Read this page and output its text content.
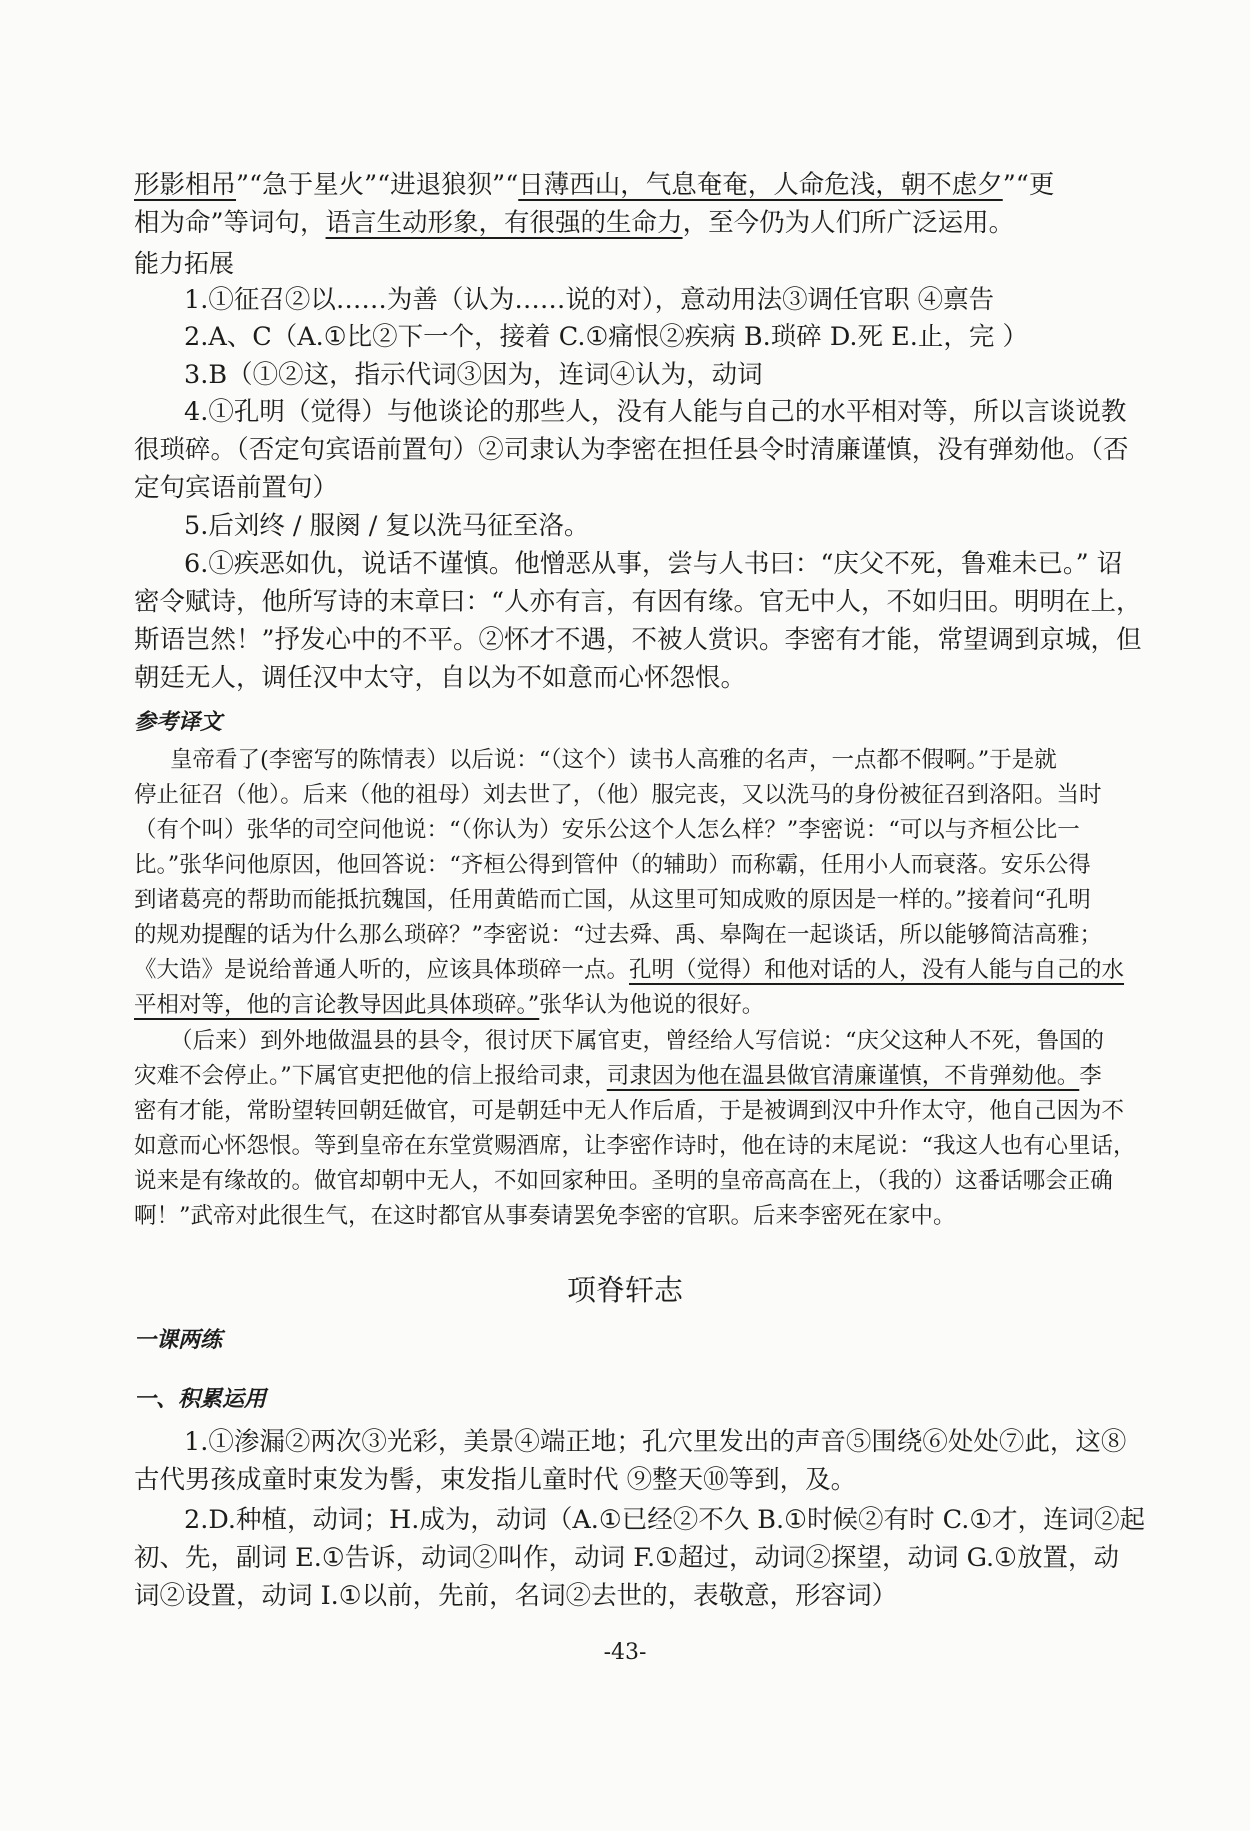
形影相吊”“急于星火”“进退狼狈”“日薄西山，气息奄奄，人命危浅，朝不虑夕”“更
相为命”等词句，语言生动形象，有很强的生命力，至今仍为人们所广泛运用。
能力拓展
1.①征召②以……为善（认为……说的对），意动用法③调任官职 ④禀告
2.A、C（A.①比②下一个，接着 C.①痛恨②疾病 B.琐碎 D.死 E.止，完 ）
3.B（①②这，指示代词③因为，连词④认为，动词
4.①孔明（觉得）与他谈论的那些人，没有人能与自己的水平相对等，所以言谈说教
很琐碎。（否定句宾语前置句）②司隶认为李密在担任县令时清廉谨慎，没有弹劾他。（否
定句宾语前置句）
5.后刘终 / 服阕 / 复以洗马征至洛。
6.①疾恶如仇，说话不谨慎。他憎恶从事，尝与人书曰：“庆父不死，鲁难未已。” 诏
密令赋诗，他所写诗的末章曰：“人亦有言，有因有缘。官无中人，不如归田。明明在上，
斯语岂然！”抒发心中的不平。②怀才不遇，不被人赏识。李密有才能，常望调到京城，但
朝廷无人，调任汉中太守，自以为不如意而心怀怨恨。
参考译文
皇帝看了(李密写的陈情表）以后说：“（这个）读书人高雅的名声，一点都不假啊。”于是就
停止征召（他）。后来（他的祖母）刘去世了，（他）服完丧，又以洗马的身份被征召到洛阳。当时
（有个叫）张华的司空问他说：“（你认为）安乐公这个人怎么样？”李密说：“可以与齐桓公比一
比。”张华问他原因，他回答说：“齐桓公得到管仲（的辅助）而称霸，任用小人而衰落。安乐公得
到诸葛亮的帮助而能抵抗魏国，任用黄皓而亡国，从这里可知成败的原因是一样的。”接着问“孔明
的规劝提醒的话为什么那么琐碎？”李密说：“过去舜、禹、皋陶在一起谈话，所以能够简洁高雅；
《大诰》是说给普通人听的，应该具体琐碎一点。孔明（觉得）和他对话的人，没有人能与自己的水
平相对等，他的言论教导因此具体琐碎。”张华认为他说的很好。
（后来）到外地做温县的县令，很讨厌下属官吏，曾经给人写信说：“庆父这种人不死，鲁国的
灾难不会停止。”下属官吏把他的信上报给司隶，司隶因为他在温县做官清廉谨慎，不肯弹劾他。李
密有才能，常盼望转回朝廷做官，可是朝廷中无人作后盾，于是被调到汉中升作太守，他自己因为不
如意而心怀怨恨。等到皇帝在东堂赏赐酒席，让李密作诗时，他在诗的末尾说：“我这人也有心里话，
说来是有缘故的。做官却朝中无人，不如回家种田。圣明的皇帝高高在上，（我的）这番话哪会正确
啊！”武帝对此很生气，在这时都官从事奏请罢免李密的官职。后来李密死在家中。
项脊轩志
一课两练
一、积累运用
1.①渗漏②两次③光彩，美景④端正地；孔穴里发出的声音⑤围绕⑥处处⑦此，这⑧
古代男孩成童时束发为髻，束发指儿童时代 ⑨整天⑩等到，及。
2.D.种植，动词；H.成为，动词（A.①已经②不久 B.①时候②有时 C.①才，连词②起
初、先，副词 E.①告诉，动词②叫作，动词 F.①超过，动词②探望，动词 G.①放置，动
词②设置，动词 I.①以前，先前，名词②去世的，表敬意，形容词）
-43-
